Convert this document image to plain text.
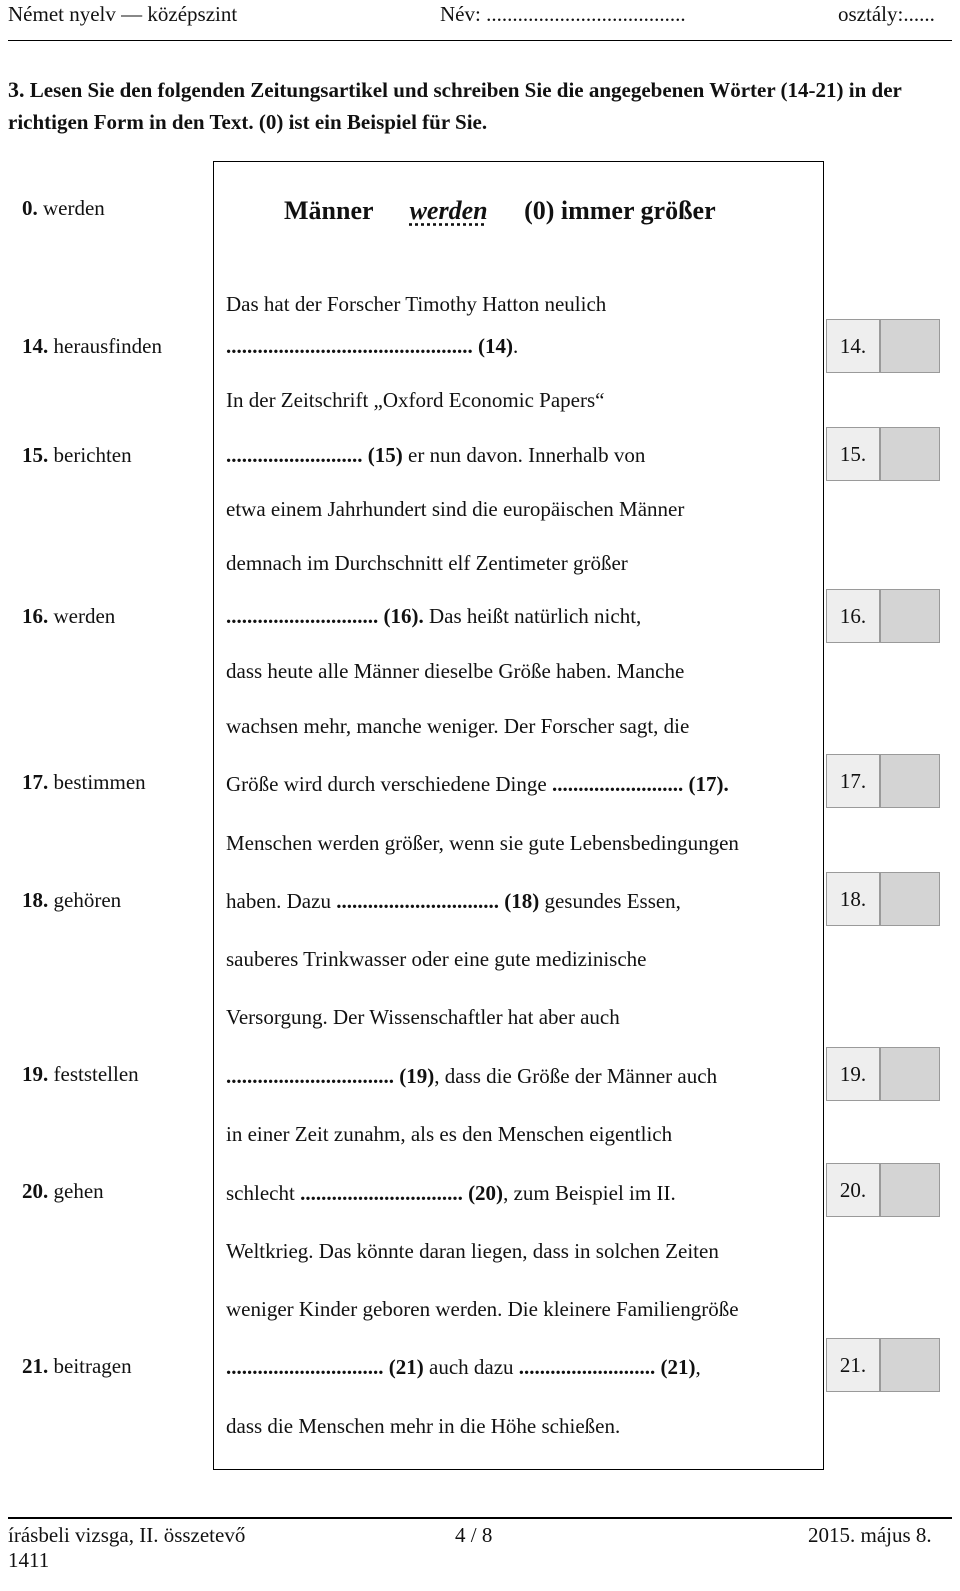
Német nyelv — középszint	Név: ......................................	osztály:......
3. Lesen Sie den folgenden Zeitungsartikel und schreiben Sie die angegebenen Wörter (14-21) in der richtigen Form in den Text. (0) ist ein Beispiel für Sie.
0. werden	Männer werden (0) immer größer
14. herausfinden
15. berichten
16. werden
17. bestimmen
18. gehören
19. feststellen
20. gehen
21. beitragen
Das hat der Forscher Timothy Hatton neulich
............................................... (14).
In der Zeitschrift „Oxford Economic Papers“
.......................... (15) er nun davon. Innerhalb von
etwa einem Jahrhundert sind die europäischen Männer
demnach im Durchschnitt elf Zentimeter größer
............................. (16). Das heißt natürlich nicht,
dass heute alle Männer dieselbe Größe haben. Manche
wachsen mehr, manche weniger. Der Forscher sagt, die
Größe wird durch verschiedene Dinge ......................... (17).
Menschen werden größer, wenn sie gute Lebensbedingungen
haben. Dazu ............................... (18) gesundes Essen,
sauberes Trinkwasser oder eine gute medizinische
Versorgung. Der Wissenschaftler hat aber auch
................................ (19), dass die Größe der Männer auch
in einer Zeit zunahm, als es den Menschen eigentlich
schlecht ............................... (20), zum Beispiel im II.
Weltkrieg. Das könnte daran liegen, dass in solchen Zeiten
weniger Kinder geboren werden. Die kleinere Familiengröße
.............................. (21) auch dazu .......................... (21),
dass die Menschen mehr in die Höhe schießen.
14.
15.
16.
17.
18.
19.
20.
21.
írásbeli vizsga, II. összetevő
1411
4 / 8	2015. május 8.
